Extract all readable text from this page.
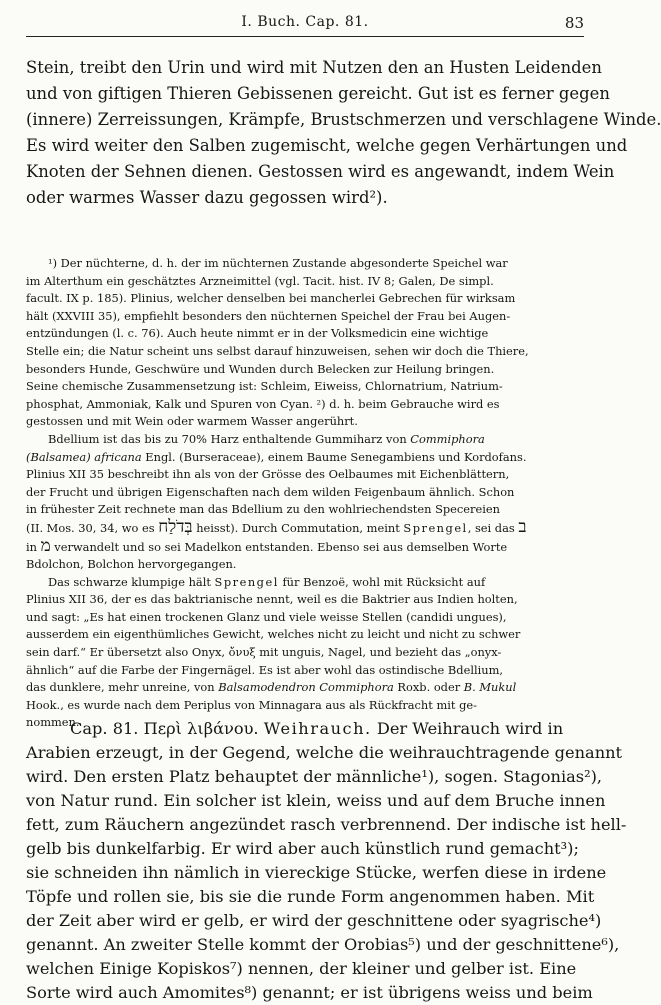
I. Buch. Cap. 81.	83
Stein, treibt den Urin und wird mit Nutzen den an Husten Leidenden
und von giftigen Thieren Gebissenen gereicht. Gut ist es ferner gegen
(innere) Zerreissungen, Krämpfe, Brustschmerzen und verschlagene Winde.
Es wird weiter den Salben zugemischt, welche gegen Verhärtungen und
Knoten der Sehnen dienen. Gestossen wird es angewandt, indem Wein
oder warmes Wasser dazu gegossen wird²).
¹) Der nüchterne, d. h. der im nüchternen Zustande abgesonderte Speichel war
im Alterthum ein geschätztes Arzneimittel (vgl. Tacit. hist. IV 8; Galen, De simpl.
facult. IX p. 185). Plinius, welcher denselben bei mancherlei Gebrechen für wirksam
hält (XXVIII 35), empfiehlt besonders den nüchternen Speichel der Frau bei Augen-
entzündungen (l. c. 76). Auch heute nimmt er in der Volksmedicin eine wichtige
Stelle ein; die Natur scheint uns selbst darauf hinzuweisen, sehen wir doch die Thiere,
besonders Hunde, Geschwüre und Wunden durch Belecken zur Heilung bringen.
Seine chemische Zusammensetzung ist: Schleim, Eiweiss, Chlornatrium, Natrium-
phosphat, Ammoniak, Kalk und Spuren von Cyan. ²) d. h. beim Gebrauche wird es
gestossen und mit Wein oder warmem Wasser angerührt.
Bdellium ist das bis zu 70% Harz enthaltende Gummiharz von Commiphora
(Balsamea) africana Engl. (Burseraceae), einem Baume Senegambiens und Kordofans.
Plinius XII 35 beschreibt ihn als von der Grösse des Oelbaumes mit Eichenblättern,
der Frucht und übrigen Eigenschaften nach dem wilden Feigenbaum ähnlich. Schon
in frühester Zeit rechnete man das Bdellium zu den wohlriechendsten Specereien
(II. Mos. 30, 34, wo es בְּדֹלַח heisst). Durch Commutation, meint Sprengel, sei das ב
in מ verwandelt und so sei Madelkon entstanden. Ebenso sei aus demselben Worte
Bdolchon, Bolchon hervorgegangen.
Das schwarze klumpige hält Sprengel für Benzoë, wohl mit Rücksicht auf
Plinius XII 36, der es das baktrianische nennt, weil es die Baktrier aus Indien holten,
und sagt: „Es hat einen trockenen Glanz und viele weisse Stellen (candidi ungues),
ausserdem ein eigenthümliches Gewicht, welches nicht zu leicht und nicht zu schwer
sein darf.“ Er übersetzt also Onyx, ὄνυξ mit unguis, Nagel, und bezieht das „onyx-
ähnlich“ auf die Farbe der Fingernägel. Es ist aber wohl das ostindische Bdellium,
das dunklere, mehr unreine, von Balsamodendron Commiphora Roxb. oder B. Mukul
Hook., es wurde nach dem Periplus von Minnagara aus als Rückfracht mit ge-
nommen.
Cap. 81. Περὶ λιβάνου. Weihrauch. Der Weihrauch wird in
Arabien erzeugt, in der Gegend, welche die weihrauchtragende genannt
wird. Den ersten Platz behauptet der männliche¹), sogen. Stagonias²),
von Natur rund. Ein solcher ist klein, weiss und auf dem Bruche innen
fett, zum Räuchern angezündet rasch verbrennend. Der indische ist hell-
gelb bis dunkelfarbig. Er wird aber auch künstlich rund gemacht³);
sie schneiden ihn nämlich in viereckige Stücke, werfen diese in irdene
Töpfe und rollen sie, bis sie die runde Form angenommen haben. Mit
der Zeit aber wird er gelb, er wird der geschnittene oder syagrische⁴)
genannt. An zweiter Stelle kommt der Orobias⁵) und der geschnittene⁶),
welchen Einige Kopiskos⁷) nennen, der kleiner und gelber ist. Eine
Sorte wird auch Amomites⁸) genannt; er ist übrigens weiss und beim
